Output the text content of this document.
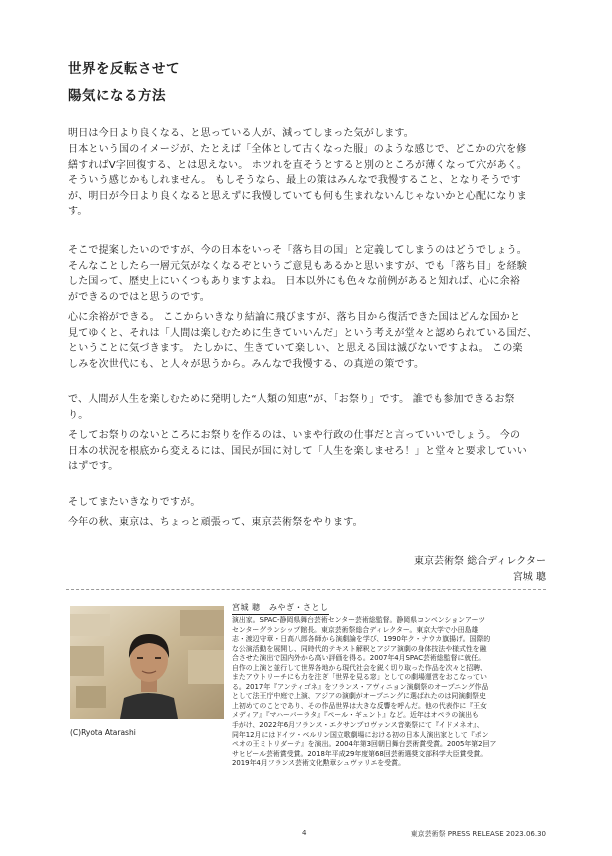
世界を反転させて
陽気になる方法
明日は今日より良くなる、と思っている人が、減ってしまった気がします。
日本という国のイメージが、たとえば「全体として古くなった服」のような感じで、どこかの穴を修
繕すればV字回復する、とは思えない。 ホツれを直そうとすると別のところが薄くなって穴があく。
そういう感じかもしれません。 もしそうなら、最上の策はみんなで我慢すること、となりそうです
が、明日が今日より良くなると思えずに我慢していても何も生まれないんじゃないかと心配になりま
す。
そこで提案したいのですが、今の日本をいっそ「落ち目の国」と定義してしまうのはどうでしょう。
そんなことしたら一層元気がなくなるぞというご意見もあるかと思いますが、でも「落ち目」を経験
した国って、歴史上にいくつもありますよね。 日本以外にも色々な前例があると知れば、心に余裕
ができるのではと思うのです。
心に余裕ができる。 ここからいきなり結論に飛びますが、落ち目から復活できた国はどんな国かと
見てゆくと、それは「人間は楽しむために生きていいんだ」という考えが堂々と認められている国だ、
ということに気づきます。 たしかに、生きていて楽しい、と思える国は滅びないですよね。 この楽
しみを次世代にも、と人々が思うから。みんなで我慢する、の真逆の策です。
で、人間が人生を楽しむために発明した“人類の知恵”が、「お祭り」です。 誰でも参加できるお祭
り。
そしてお祭りのないところにお祭りを作るのは、いまや行政の仕事だと言っていいでしょう。 今の
日本の状況を根底から変えるには、国民が国に対して「人生を楽しませろ！」と堂々と要求していい
はずです。
そしてまたいきなりですが。
今年の秋、東京は、ちょっと頑張って、東京芸術祭をやります。
東京芸術祭 総合ディレクター
宮城 聰
(C)Ryota Atarashi
宮城 聰　みやぎ・さとし
演出家。SPAC-静岡県舞台芸術センター芸術総監督。静岡県コンベンションアーツ
センターグランシップ館長。東京芸術祭総合ディレクター。東京大学で小田島雄
志・渡辺守章・日高八郎各師から演劇論を学び、1990年ク・ナウカ旗揚げ。国際的
な公演活動を展開し、同時代的テキスト解釈とアジア演劇の身体技法や様式性を融
合させた演出で国内外から高い評価を得る。2007年4月SPAC芸術総監督に就任。
自作の上演と並行して世界各地から現代社会を鋭く切り取った作品を次々と招聘、
またアウトリーチにも力を注ぎ「世界を見る窓」としての劇場運営をおこなってい
る。2017年『アンティゴネ』をフランス・アヴィニョン演劇祭のオープニング作品
として法王庁中庭で上演、アジアの演劇がオープニングに選ばれたのは同演劇祭史
上初めてのことであり、その作品世界は大きな反響を呼んだ。他の代表作に『王女
メディア』『マハーバーラタ』『ペール・ギュント』など。近年はオペラの演出も
手がけ、2022年6月フランス・エクサンプロヴァンス音楽祭にて『イドメネオ』、
同年12月にはドイツ・ベルリン国立歌劇場における初の日本人演出家として『ポン
ペオの王ミトリダーテ』を演出。2004年第3回朝日舞台芸術賞受賞。2005年第2回ア
サヒビール芸術賞受賞。2018年平成29年度第68回芸術選奨文部科学大臣賞受賞。
2019年4月フランス芸術文化勲章シュヴァリエを受賞。
4	東京芸術祭 PRESS RELEASE 2023.06.30
